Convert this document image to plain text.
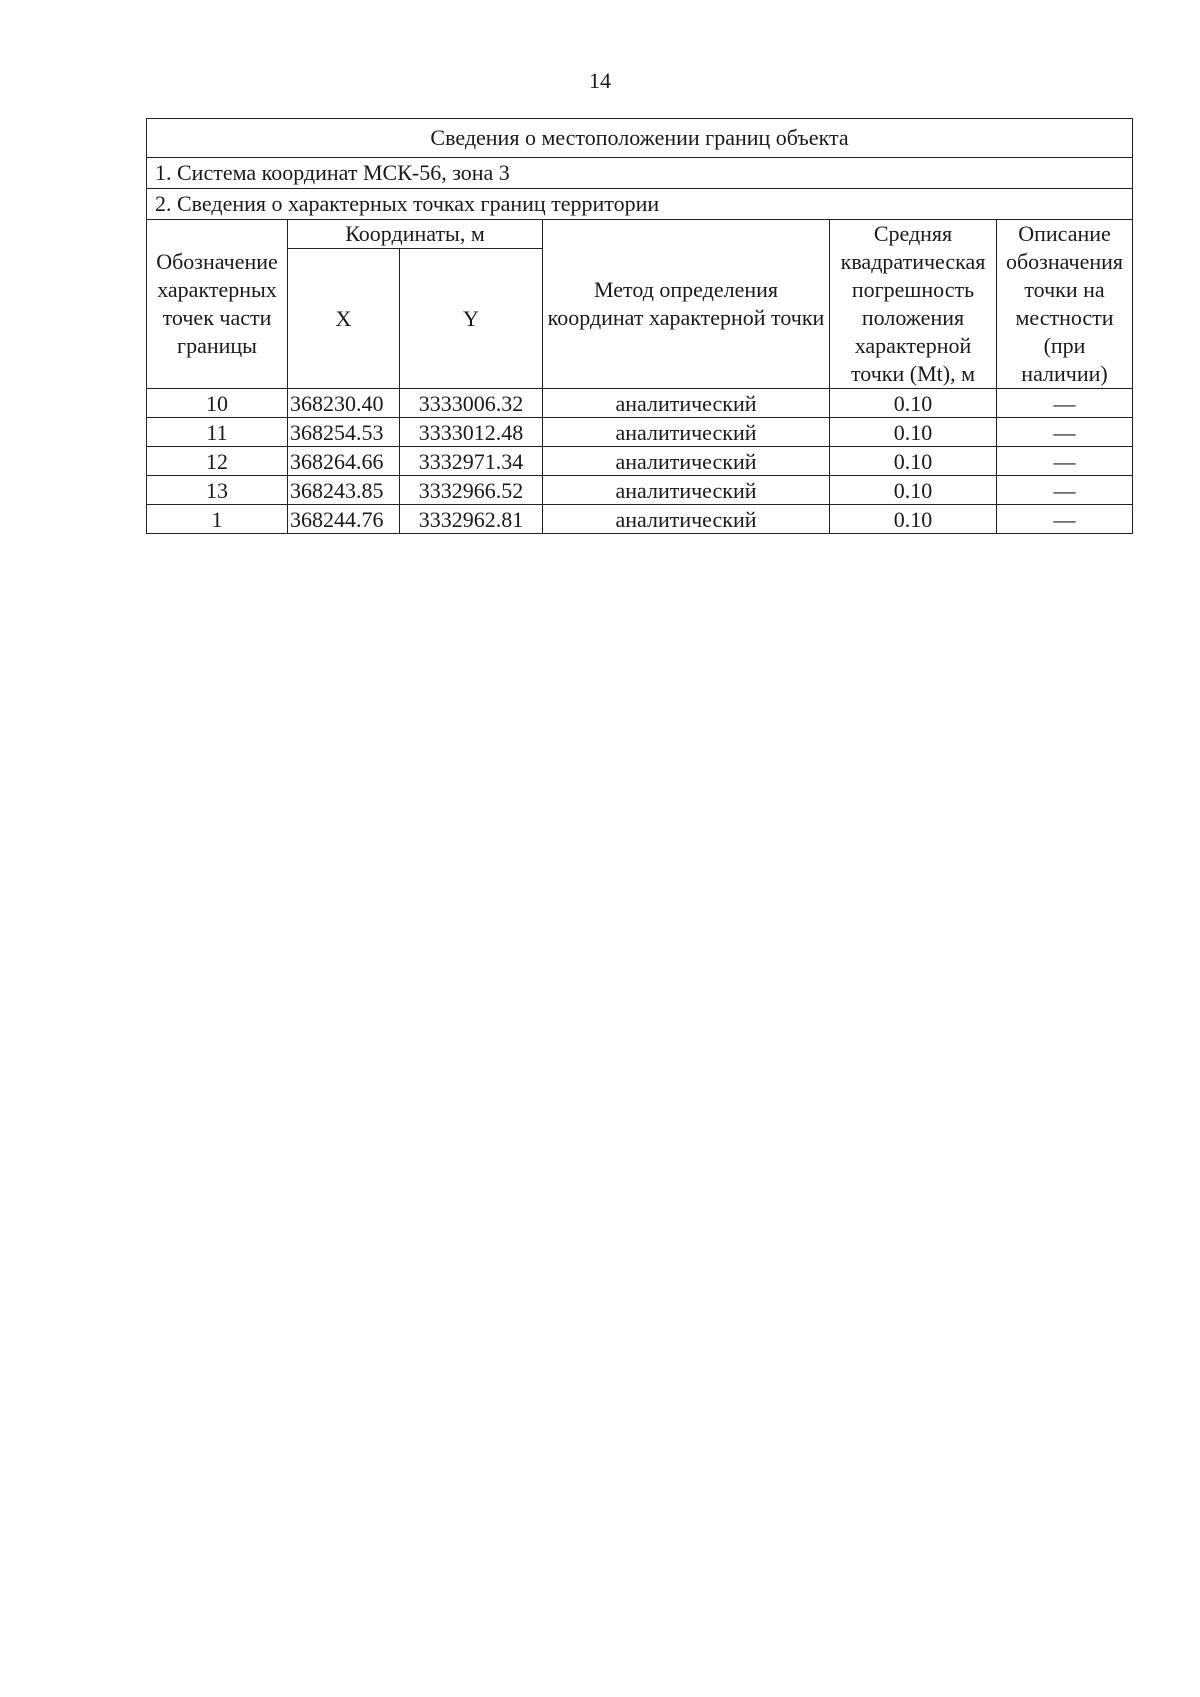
14
Сведения о местоположении границ объекта					
1. Система координат МСК-56, зона 3					
2. Сведения о характерных точках границ территории					
Обозначение характерных точек части границы	Координаты, м		Метод определения координат характерной точки	Средняя квадратическая погрешность положения характерной точки (Mt), м	Описание обозначения точки на местности (при наличии)
	X	Y			
10	368230.40	3333006.32	аналитический	0.10	—
11	368254.53	3333012.48	аналитический	0.10	—
12	368264.66	3332971.34	аналитический	0.10	—
13	368243.85	3332966.52	аналитический	0.10	—
1	368244.76	3332962.81	аналитический	0.10	—
